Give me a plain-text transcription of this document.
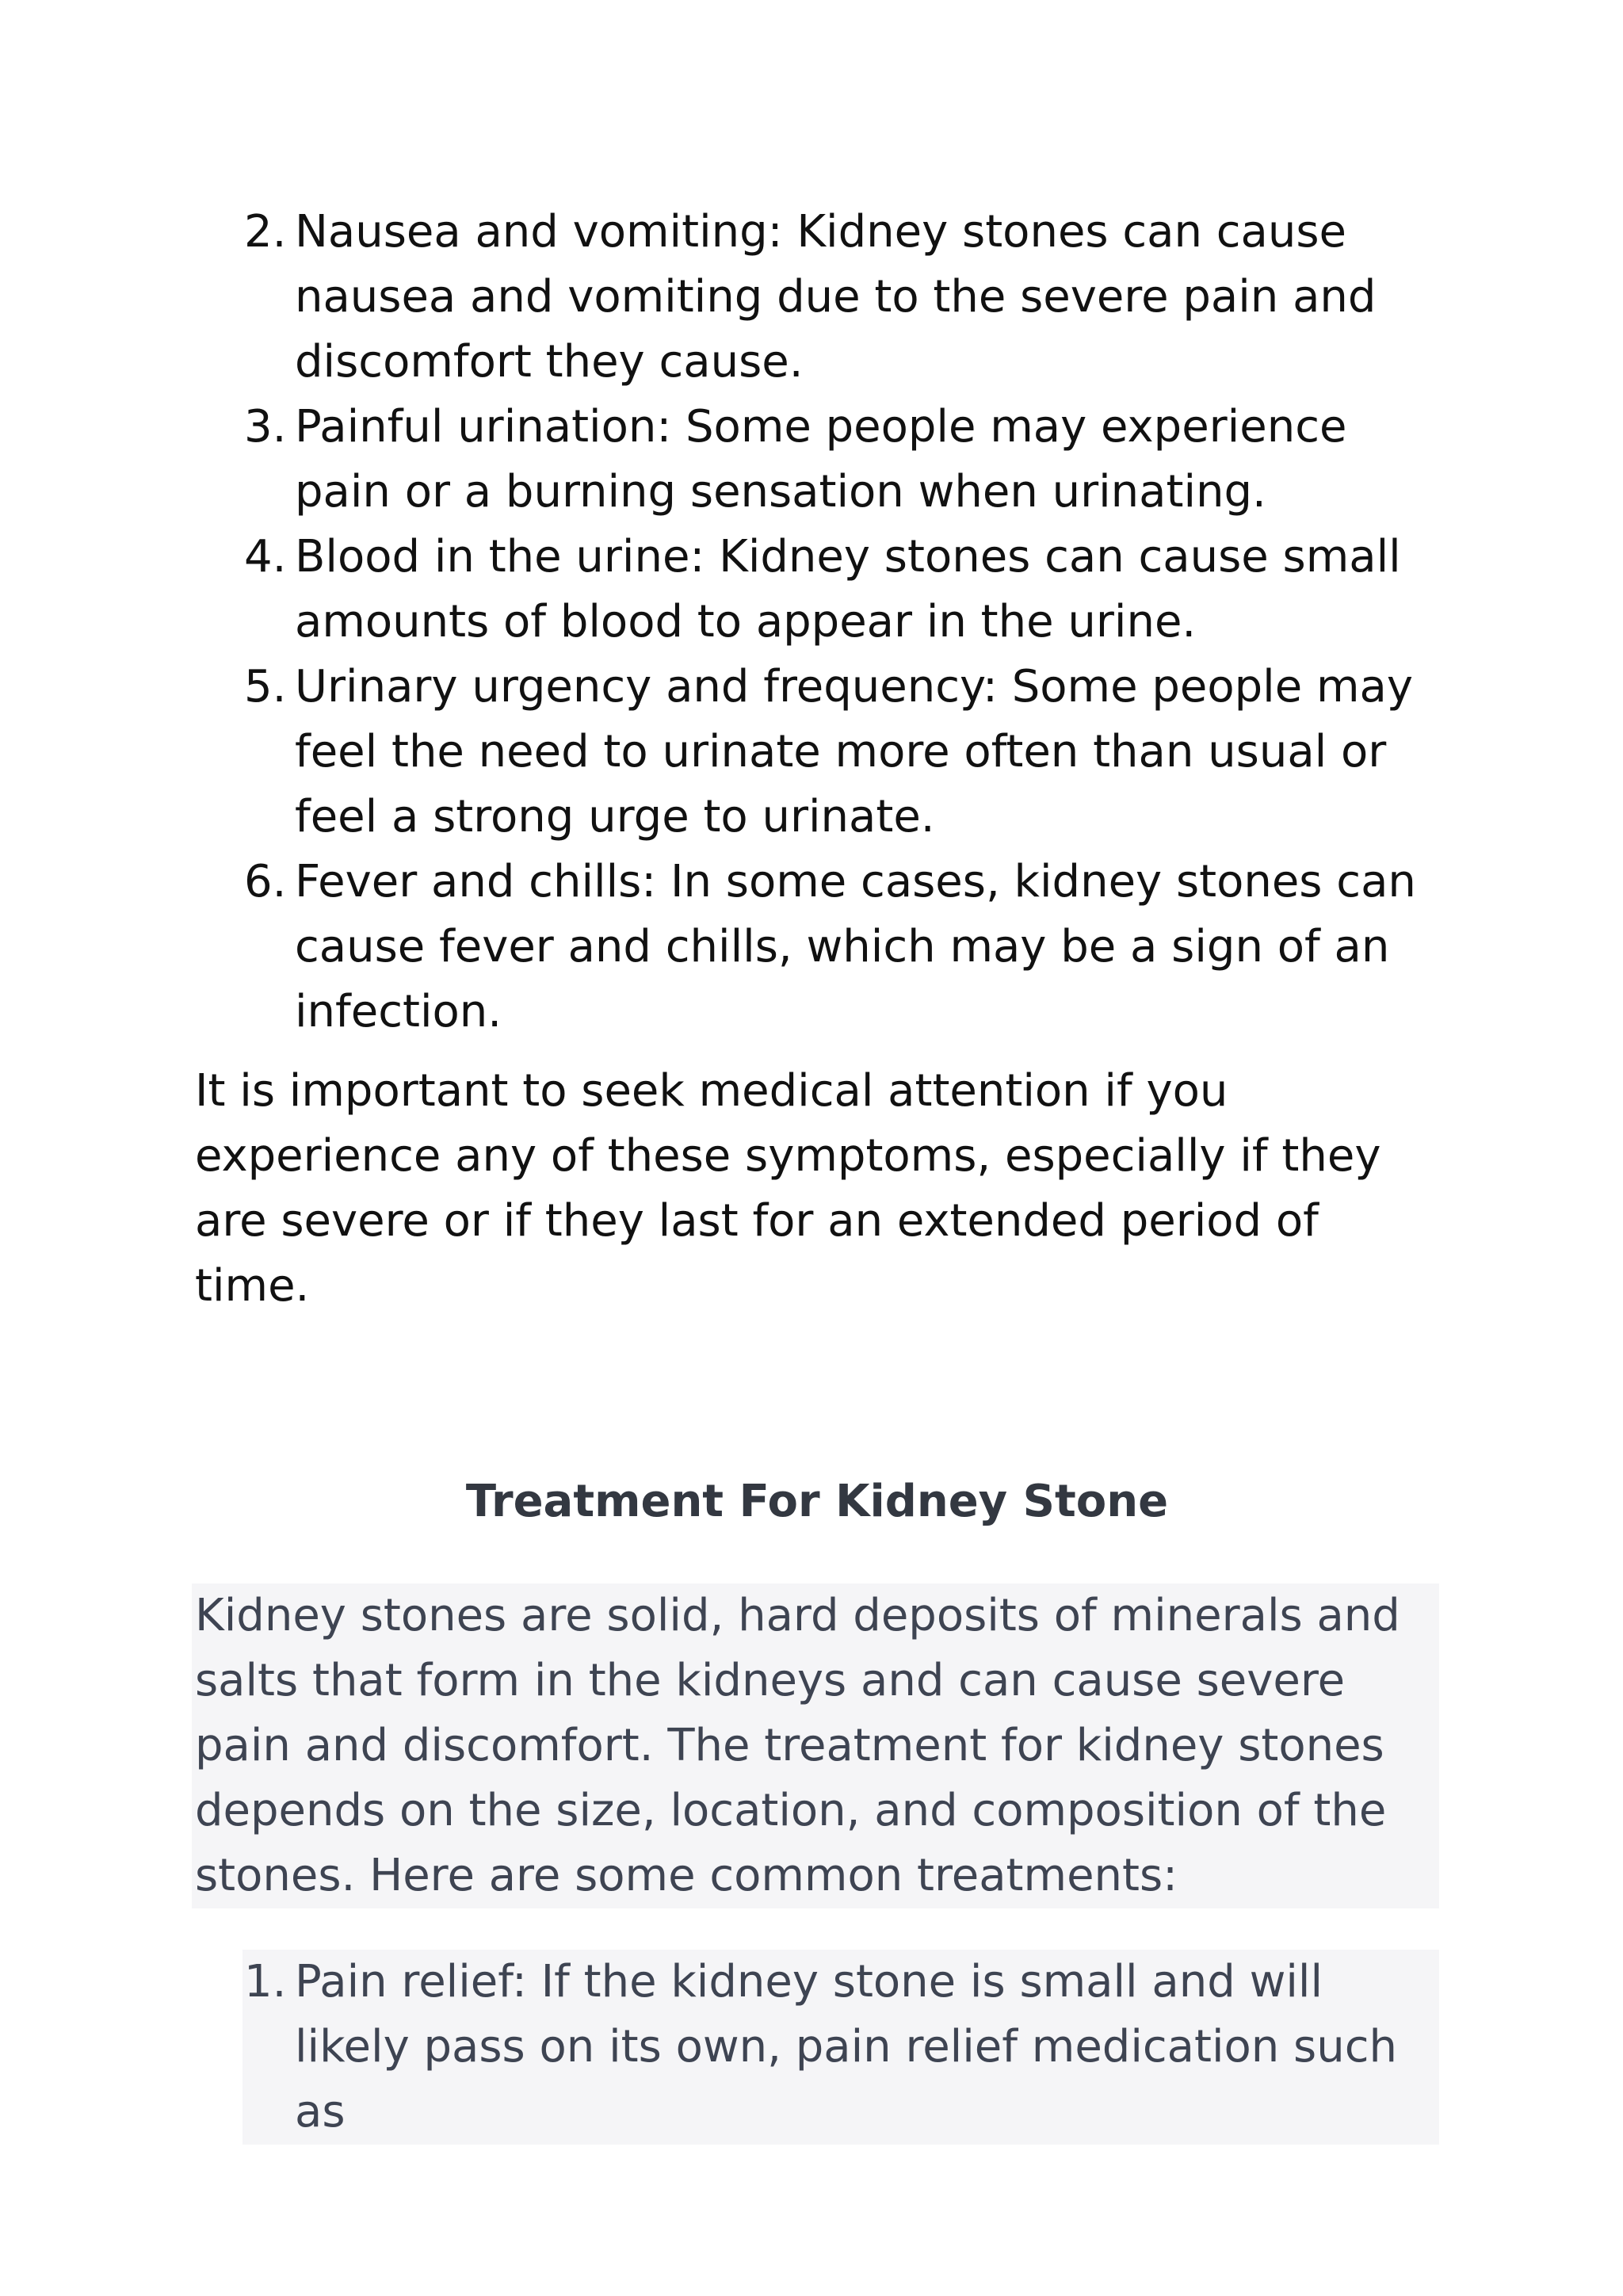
2. Nausea and vomiting: Kidney stones can cause nausea and vomiting due to the severe pain and discomfort they cause.
3. Painful urination: Some people may experience pain or a burning sensation when urinating.
4. Blood in the urine: Kidney stones can cause small amounts of blood to appear in the urine.
5. Urinary urgency and frequency: Some people may feel the need to urinate more often than usual or feel a strong urge to urinate.
6. Fever and chills: In some cases, kidney stones can cause fever and chills, which may be a sign of an infection.

It is important to seek medical attention if you experience any of these symptoms, especially if they are severe or if they last for an extended period of time.

Treatment For Kidney Stone

Kidney stones are solid, hard deposits of minerals and salts that form in the kidneys and can cause severe pain and discomfort. The treatment for kidney stones depends on the size, location, and composition of the stones. Here are some common treatments:

1. Pain relief: If the kidney stone is small and will likely pass on its own, pain relief medication such as
